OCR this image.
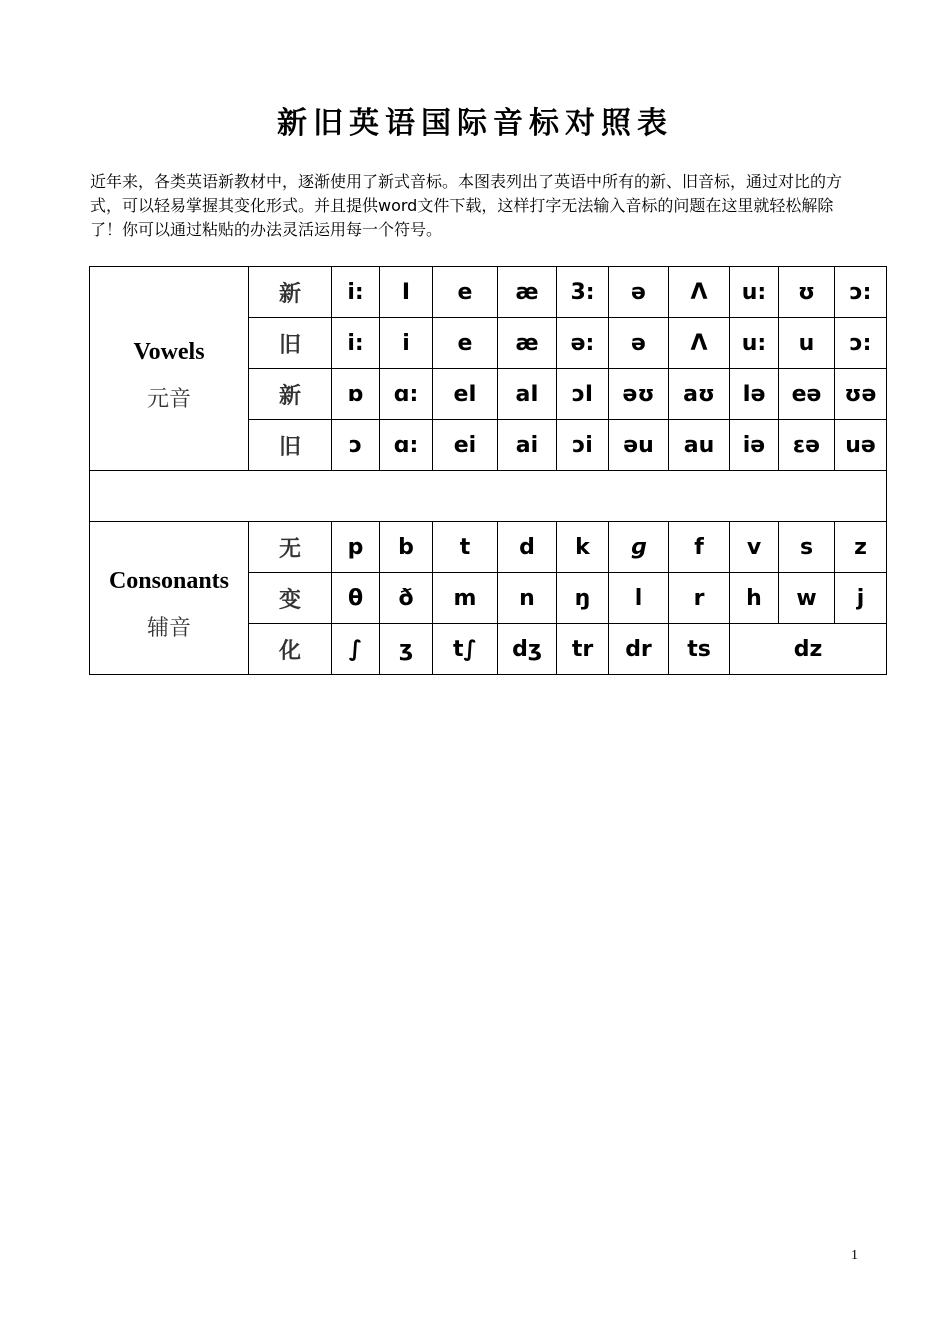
新旧英语国际音标对照表
近年来，各类英语新教材中，逐渐使用了新式音标。本图表列出了英语中所有的新、旧音标，通过对比的方式，可以轻易掌握其变化形式。并且提供word文件下载，这样打字无法输入音标的问题在这里就轻松解除了！你可以通过粘贴的办法灵活运用每一个符号。
Vowels
元音	新	i:	I	e	æ	3:	ə	Λ	u:	ʊ	ɔ:
	旧	i:	i	e	æ	ə:	ə	Λ	u:	u	ɔ:
	新	ɒ	ɑ:	eI	aI	ɔI	əʊ	aʊ	Iə	eə	ʊə
	旧	ɔ	ɑ:	ei	ai	ɔi	əu	au	iə	εə	uə

Consonants
辅音	无	p	b	t	d	k	ɡ	f	v	s	z
	变	θ	ð	m	n	ŋ	l	r	h	w	j
	化	∫	ʒ	t∫	dʒ	tr	dr	ts	dz		
1
